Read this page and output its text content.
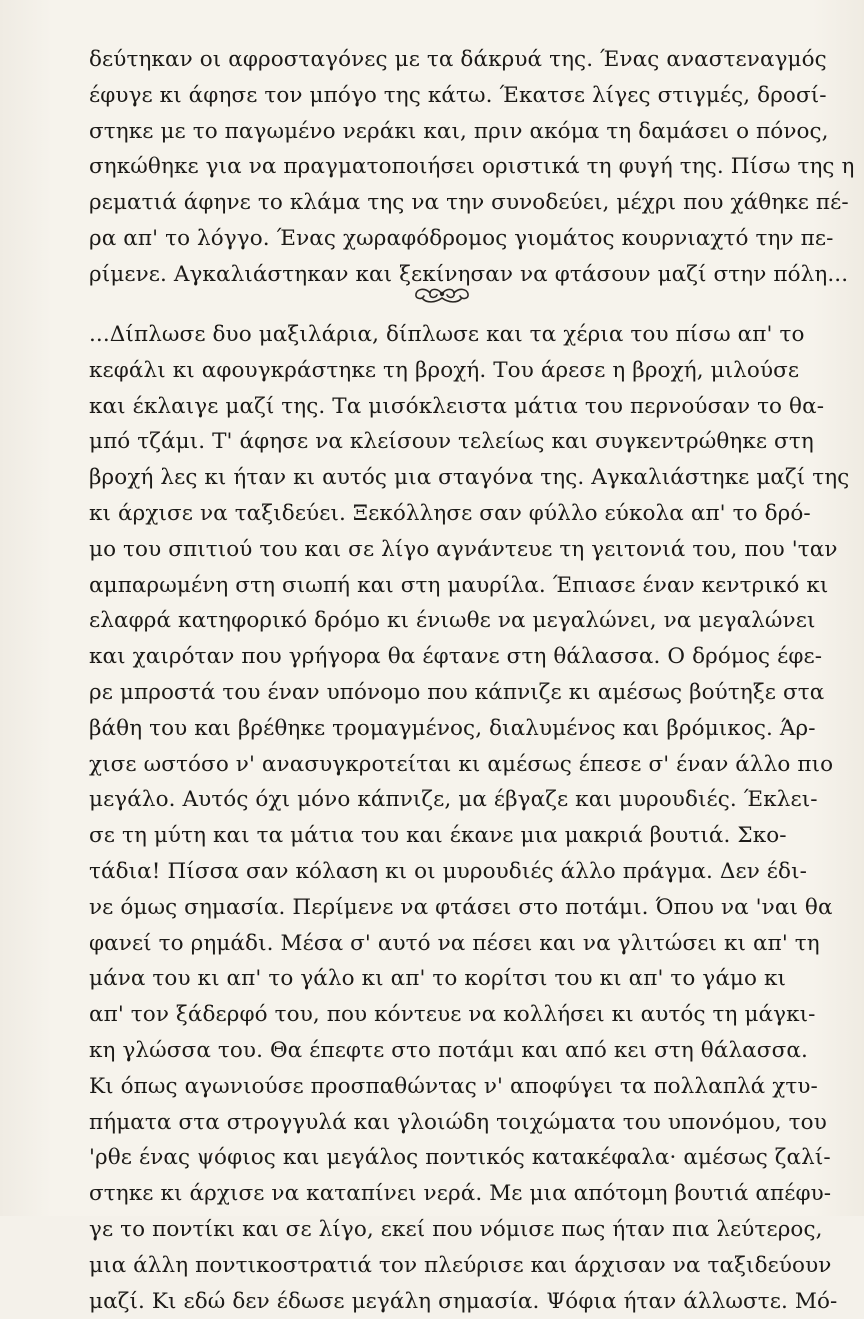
δεύτηκαν οι αφροσταγόνες με τα δάκρυά της. Ένας αναστεναγμός
έφυγε κι άφησε τον μπόγο της κάτω. Έκατσε λίγες στιγμές, δροσί-
στηκε με το παγωμένο νεράκι και, πριν ακόμα τη δαμάσει ο πόνος,
σηκώθηκε για να πραγματοποιήσει οριστικά τη φυγή της. Πίσω της η
ρεματιά άφηνε το κλάμα της να την συνοδεύει, μέχρι που χάθηκε πέ-
ρα απ' το λόγγο. Ένας χωραφόδρομος γιομάτος κουρνιαχτό την πε-
ρίμενε. Αγκαλιάστηκαν και ξεκίνησαν να φτάσουν μαζί στην πόλη...
...Δίπλωσε δυο μαξιλάρια, δίπλωσε και τα χέρια του πίσω απ' το
κεφάλι κι αφουγκράστηκε τη βροχή. Του άρεσε η βροχή, μιλούσε
και έκλαιγε μαζί της. Τα μισόκλειστα μάτια του περνούσαν το θα-
μπό τζάμι. Τ' άφησε να κλείσουν τελείως και συγκεντρώθηκε στη
βροχή λες κι ήταν κι αυτός μια σταγόνα της. Αγκαλιάστηκε μαζί της
κι άρχισε να ταξιδεύει. Ξεκόλλησε σαν φύλλο εύκολα απ' το δρό-
μο του σπιτιού του και σε λίγο αγνάντευε τη γειτονιά του, που 'ταν
αμπαρωμένη στη σιωπή και στη μαυρίλα. Έπιασε έναν κεντρικό κι
ελαφρά κατηφορικό δρόμο κι ένιωθε να μεγαλώνει, να μεγαλώνει
και χαιρόταν που γρήγορα θα έφτανε στη θάλασσα. Ο δρόμος έφε-
ρε μπροστά του έναν υπόνομο που κάπνιζε κι αμέσως βούτηξε στα
βάθη του και βρέθηκε τρομαγμένος, διαλυμένος και βρόμικος. Άρ-
χισε ωστόσο ν' ανασυγκροτείται κι αμέσως έπεσε σ' έναν άλλο πιο
μεγάλο. Αυτός όχι μόνο κάπνιζε, μα έβγαζε και μυρουδιές. Έκλει-
σε τη μύτη και τα μάτια του και έκανε μια μακριά βουτιά. Σκο-
τάδια! Πίσσα σαν κόλαση κι οι μυρουδιές άλλο πράγμα. Δεν έδι-
νε όμως σημασία. Περίμενε να φτάσει στο ποτάμι. Όπου να 'ναι θα
φανεί το ρημάδι. Μέσα σ' αυτό να πέσει και να γλιτώσει κι απ' τη
μάνα του κι απ' το γάλο κι απ' το κορίτσι του κι απ' το γάμο κι
απ' τον ξάδερφό του, που κόντευε να κολλήσει κι αυτός τη μάγκι-
κη γλώσσα του. Θα έπεφτε στο ποτάμι και από κει στη θάλασσα.
Κι όπως αγωνιούσε προσπαθώντας ν' αποφύγει τα πολλαπλά χτυ-
πήματα στα στρογγυλά και γλοιώδη τοιχώματα του υπονόμου, του
'ρθε ένας ψόφιος και μεγάλος ποντικός κατακέφαλα· αμέσως ζαλί-
στηκε κι άρχισε να καταπίνει νερά. Με μια απότομη βουτιά απέφυ-
γε το ποντίκι και σε λίγο, εκεί που νόμισε πως ήταν πια λεύτερος,
μια άλλη ποντικοστρατιά τον πλεύρισε και άρχισαν να ταξιδεύουν
μαζί. Κι εδώ δεν έδωσε μεγάλη σημασία. Ψόφια ήταν άλλωστε. Μό-
